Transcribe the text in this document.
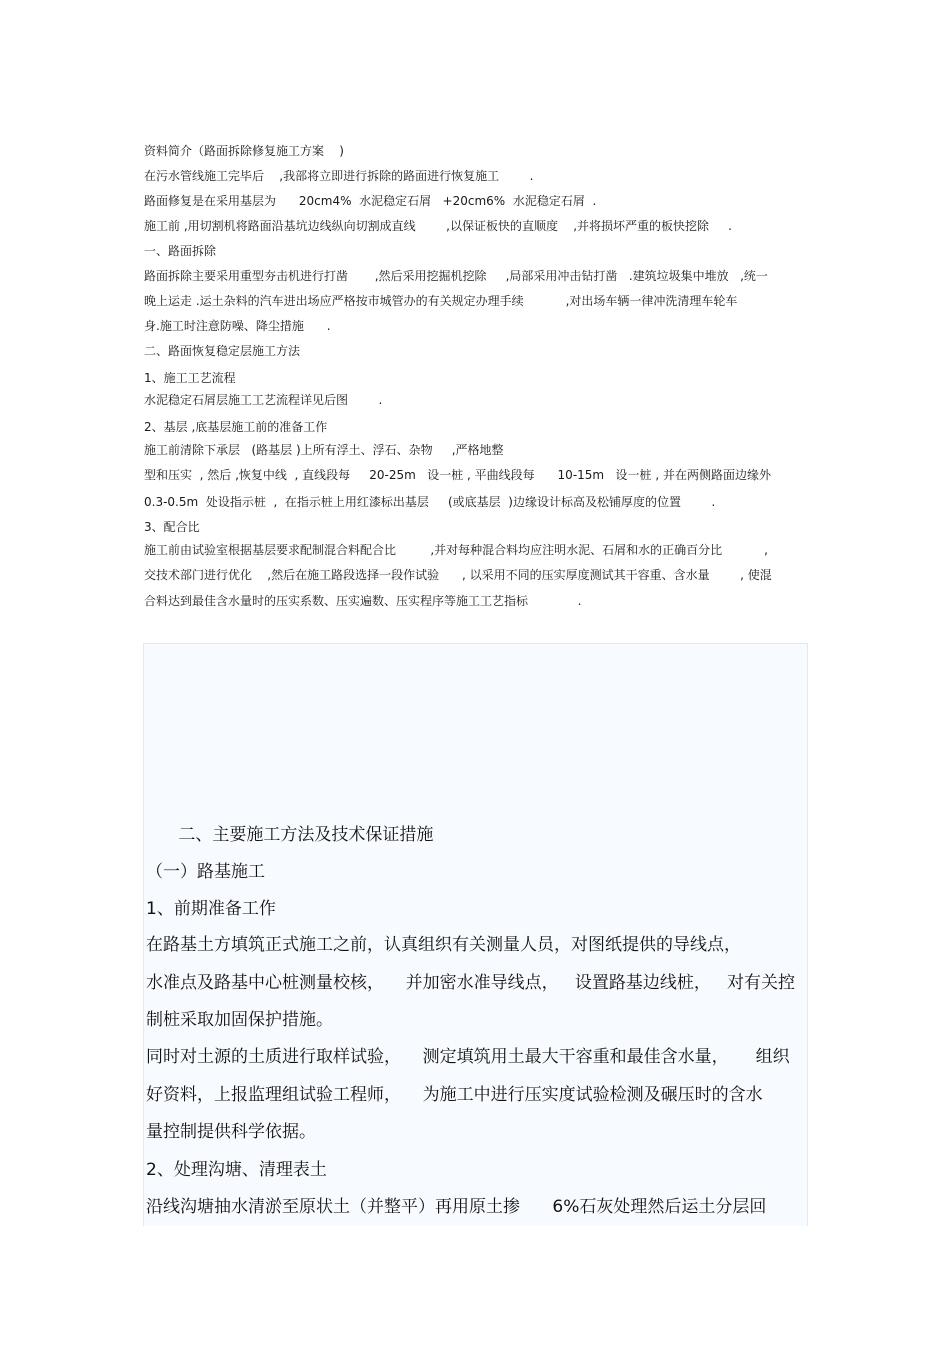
资料简介（路面拆除修复施工方案    )
在污水管线施工完毕后    ,我部将立即进行拆除的路面进行恢复施工        .
路面修复是在采用基层为      20cm4%  水泥稳定石屑   +20cm6%  水泥稳定石屑  .
施工前 ,用切割机将路面沿基坑边线纵向切割成直线        ,以保证板快的直顺度    ,并将损坏严重的板快挖除     .
一、路面拆除
路面拆除主要采用重型夯击机进行打凿       ,然后采用挖掘机挖除     ,局部采用冲击钻打凿   .建筑垃圾集中堆放   ,统一
晚上运走 .运土杂料的汽车进出场应严格按市城管办的有关规定办理手续           ,对出场车辆一律冲洗清理车轮车
身.施工时注意防噪、降尘措施      .
二、路面恢复稳定层施工方法
1、施工工艺流程
水泥稳定石屑层施工工艺流程详见后图        .
2、基层 ,底基层施工前的准备工作
施工前清除下承层   (路基层 )上所有浮土、浮石、杂物     ,严格地整
型和压实  , 然后 ,恢复中线  , 直线段每     20-25m   设一桩 , 平曲线段每      10-15m   设一桩 , 并在两侧路面边缘外
0.3-0.5m  处设指示桩  ,  在指示桩上用红漆标出基层     (或底基层  )边缘设计标高及松铺厚度的位置        .
3、配合比
施工前由试验室根据基层要求配制混合料配合比         ,并对每种混合料均应注明水泥、石屑和水的正确百分比           ,
交技术部门进行优化    ,然后在施工路段选择一段作试验      , 以采用不同的压实厚度测试其干容重、含水量        , 使混
合料达到最佳含水量时的压实系数、压实遍数、压实程序等施工工艺指标             .
二、主要施工方法及技术保证措施
（一）路基施工
1、前期准备工作
在路基土方填筑正式施工之前，认真组织有关测量人员，对图纸提供的导线点，
水准点及路基中心桩测量校核，    并加密水准导线点，   设置路基边线桩，   对有关控
制桩采取加固保护措施。
同时对土源的土质进行取样试验，    测定填筑用土最大干容重和最佳含水量，     组织
好资料，上报监理组试验工程师，    为施工中进行压实度试验检测及碾压时的含水
量控制提供科学依据。
2、处理沟塘、清理表土
沿线沟塘抽水清淤至原状土（并整平）再用原土掺      6%石灰处理然后运土分层回
